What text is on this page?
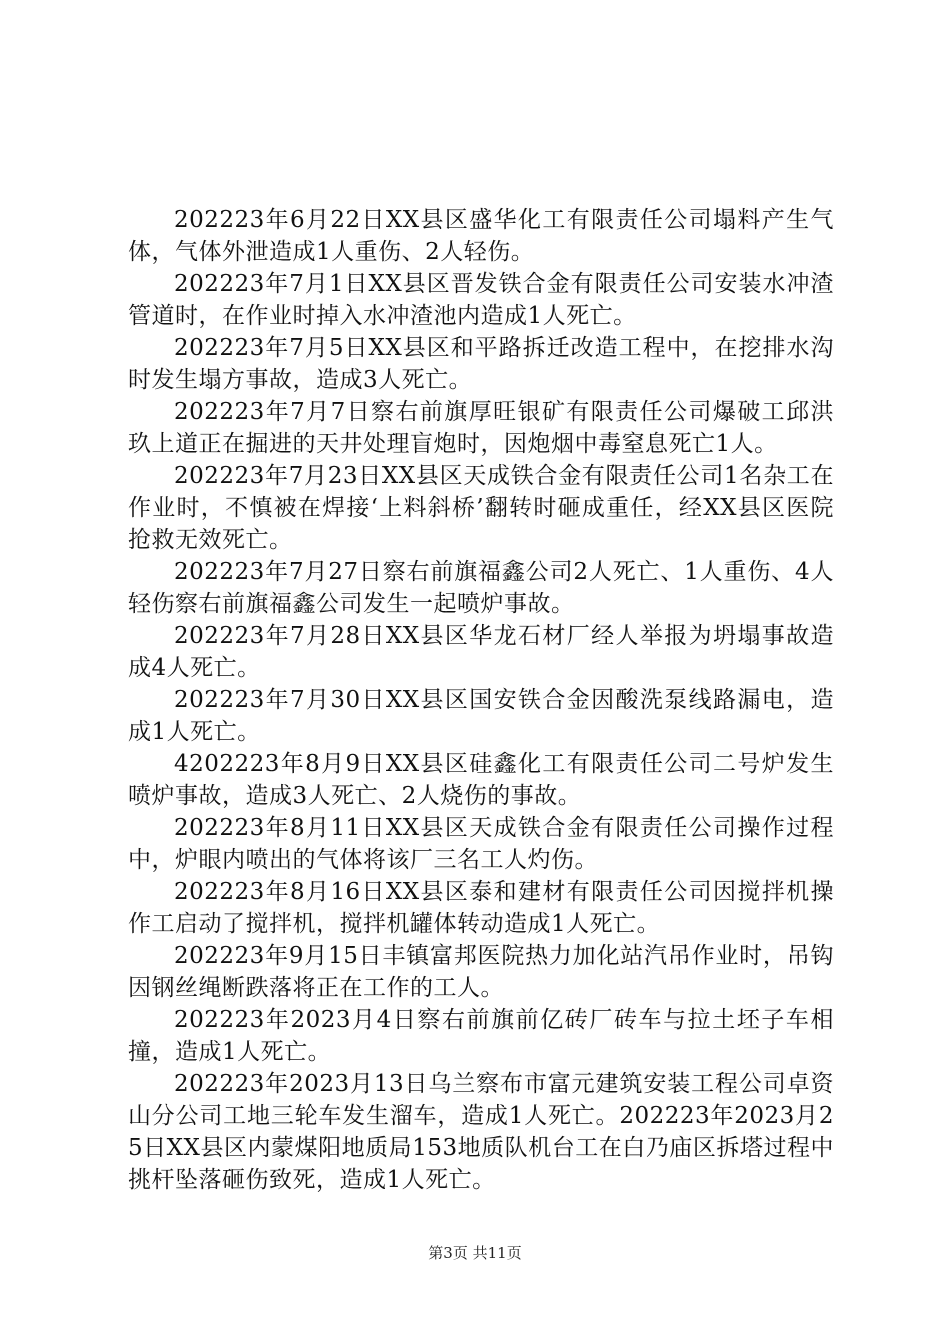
202223年6月22日XX县区盛华化工有限责任公司塌料产生气体，气体外泄造成1人重伤、2人轻伤。

202223年7月1日XX县区晋发铁合金有限责任公司安装水冲渣管道时，在作业时掉入水冲渣池内造成1人死亡。

202223年7月5日XX县区和平路拆迁改造工程中，在挖排水沟时发生塌方事故，造成3人死亡。

202223年7月7日察右前旗厚旺银矿有限责任公司爆破工邱洪玖上道正在掘进的天井处理盲炮时，因炮烟中毒窒息死亡1人。

202223年7月23日XX县区天成铁合金有限责任公司1名杂工在作业时，不慎被在焊接‘上料斜桥’翻转时砸成重任，经XX县区医院抢救无效死亡。

202223年7月27日察右前旗福鑫公司2人死亡、1人重伤、4人轻伤察右前旗福鑫公司发生一起喷炉事故。

202223年7月28日XX县区华龙石材厂经人举报为坍塌事故造成4人死亡。

202223年7月30日XX县区国安铁合金因酸洗泵线路漏电，造成1人死亡。

4202223年8月9日XX县区硅鑫化工有限责任公司二号炉发生喷炉事故，造成3人死亡、2人烧伤的事故。

202223年8月11日XX县区天成铁合金有限责任公司操作过程中，炉眼内喷出的气体将该厂三名工人灼伤。

202223年8月16日XX县区泰和建材有限责任公司因搅拌机操作工启动了搅拌机，搅拌机罐体转动造成1人死亡。

202223年9月15日丰镇富邦医院热力加化站汽吊作业时，吊钩因钢丝绳断跌落将正在工作的工人。

202223年2023月4日察右前旗前亿砖厂砖车与拉土坯子车相撞，造成1人死亡。

202223年2023月13日乌兰察布市富元建筑安装工程公司卓资山分公司工地三轮车发生溜车，造成1人死亡。202223年2023月25日XX县区内蒙煤阳地质局153地质队机台工在白乃庙区拆塔过程中挑杆坠落砸伤致死，造成1人死亡。

第3页 共11页
